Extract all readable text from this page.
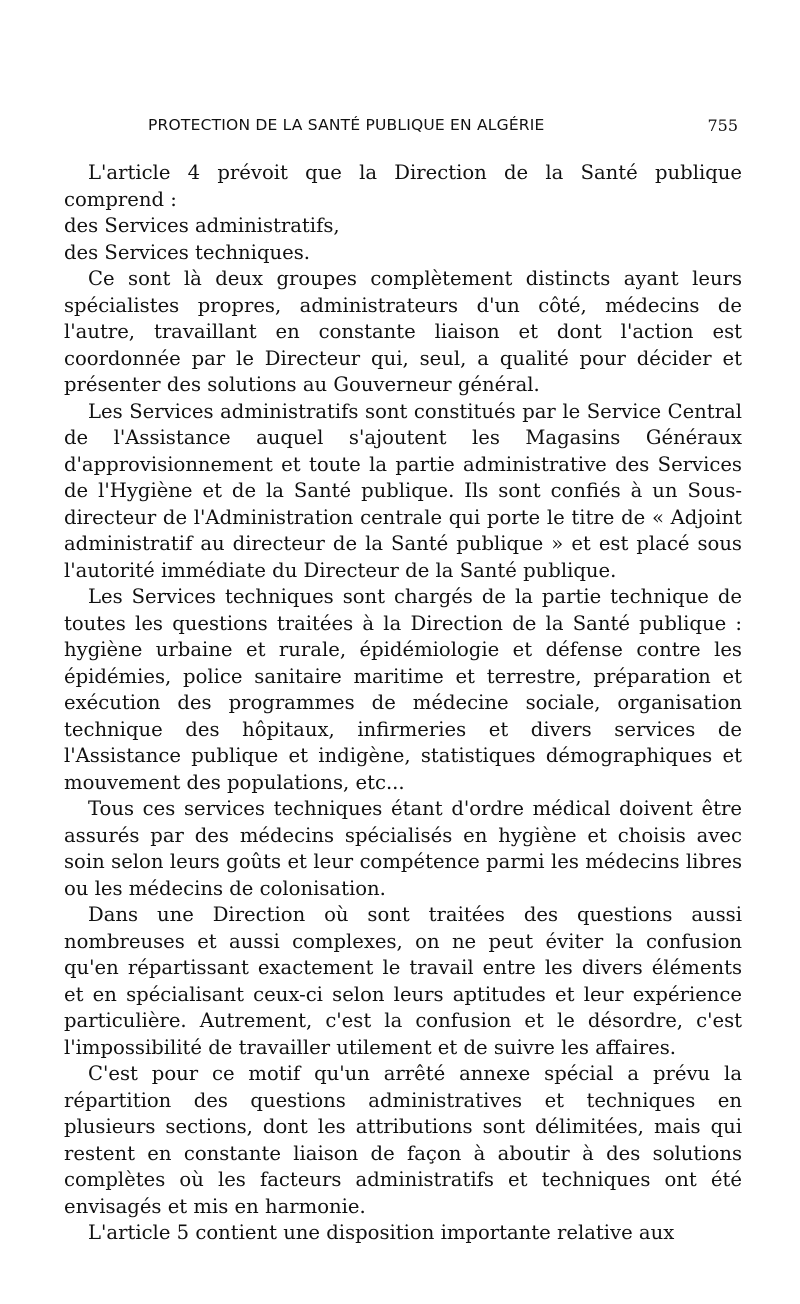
PROTECTION DE LA SANTÉ PUBLIQUE EN ALGÉRIE	755

L'article 4 prévoit que la Direction de la Santé publique comprend :

des Services administratifs,

des Services techniques.

Ce sont là deux groupes complètement distincts ayant leurs spécialistes propres, administrateurs d'un côté, médecins de l'autre, travaillant en constante liaison et dont l'action est coordonnée par le Directeur qui, seul, a qualité pour décider et présenter des solutions au Gouverneur général.

Les Services administratifs sont constitués par le Service Central de l'Assistance auquel s'ajoutent les Magasins Généraux d'approvisionnement et toute la partie administrative des Services de l'Hygiène et de la Santé publique. Ils sont confiés à un Sous-directeur de l'Administration centrale qui porte le titre de « Adjoint administratif au directeur de la Santé publique » et est placé sous l'autorité immédiate du Directeur de la Santé publique.

Les Services techniques sont chargés de la partie technique de toutes les questions traitées à la Direction de la Santé publique : hygiène urbaine et rurale, épidémiologie et défense contre les épidémies, police sanitaire maritime et terrestre, préparation et exécution des programmes de médecine sociale, organisation technique des hôpitaux, infirmeries et divers services de l'Assistance publique et indigène, statistiques démographiques et mouvement des populations, etc...

Tous ces services techniques étant d'ordre médical doivent être assurés par des médecins spécialisés en hygiène et choisis avec soin selon leurs goûts et leur compétence parmi les médecins libres ou les médecins de colonisation.

Dans une Direction où sont traitées des questions aussi nombreuses et aussi complexes, on ne peut éviter la confusion qu'en répartissant exactement le travail entre les divers éléments et en spécialisant ceux-ci selon leurs aptitudes et leur expérience particulière. Autrement, c'est la confusion et le désordre, c'est l'impossibilité de travailler utilement et de suivre les affaires.

C'est pour ce motif qu'un arrêté annexe spécial a prévu la répartition des questions administratives et techniques en plusieurs sections, dont les attributions sont délimitées, mais qui restent en constante liaison de façon à aboutir à des solutions complètes où les facteurs administratifs et techniques ont été envisagés et mis en harmonie.

L'article 5 contient une disposition importante relative aux
